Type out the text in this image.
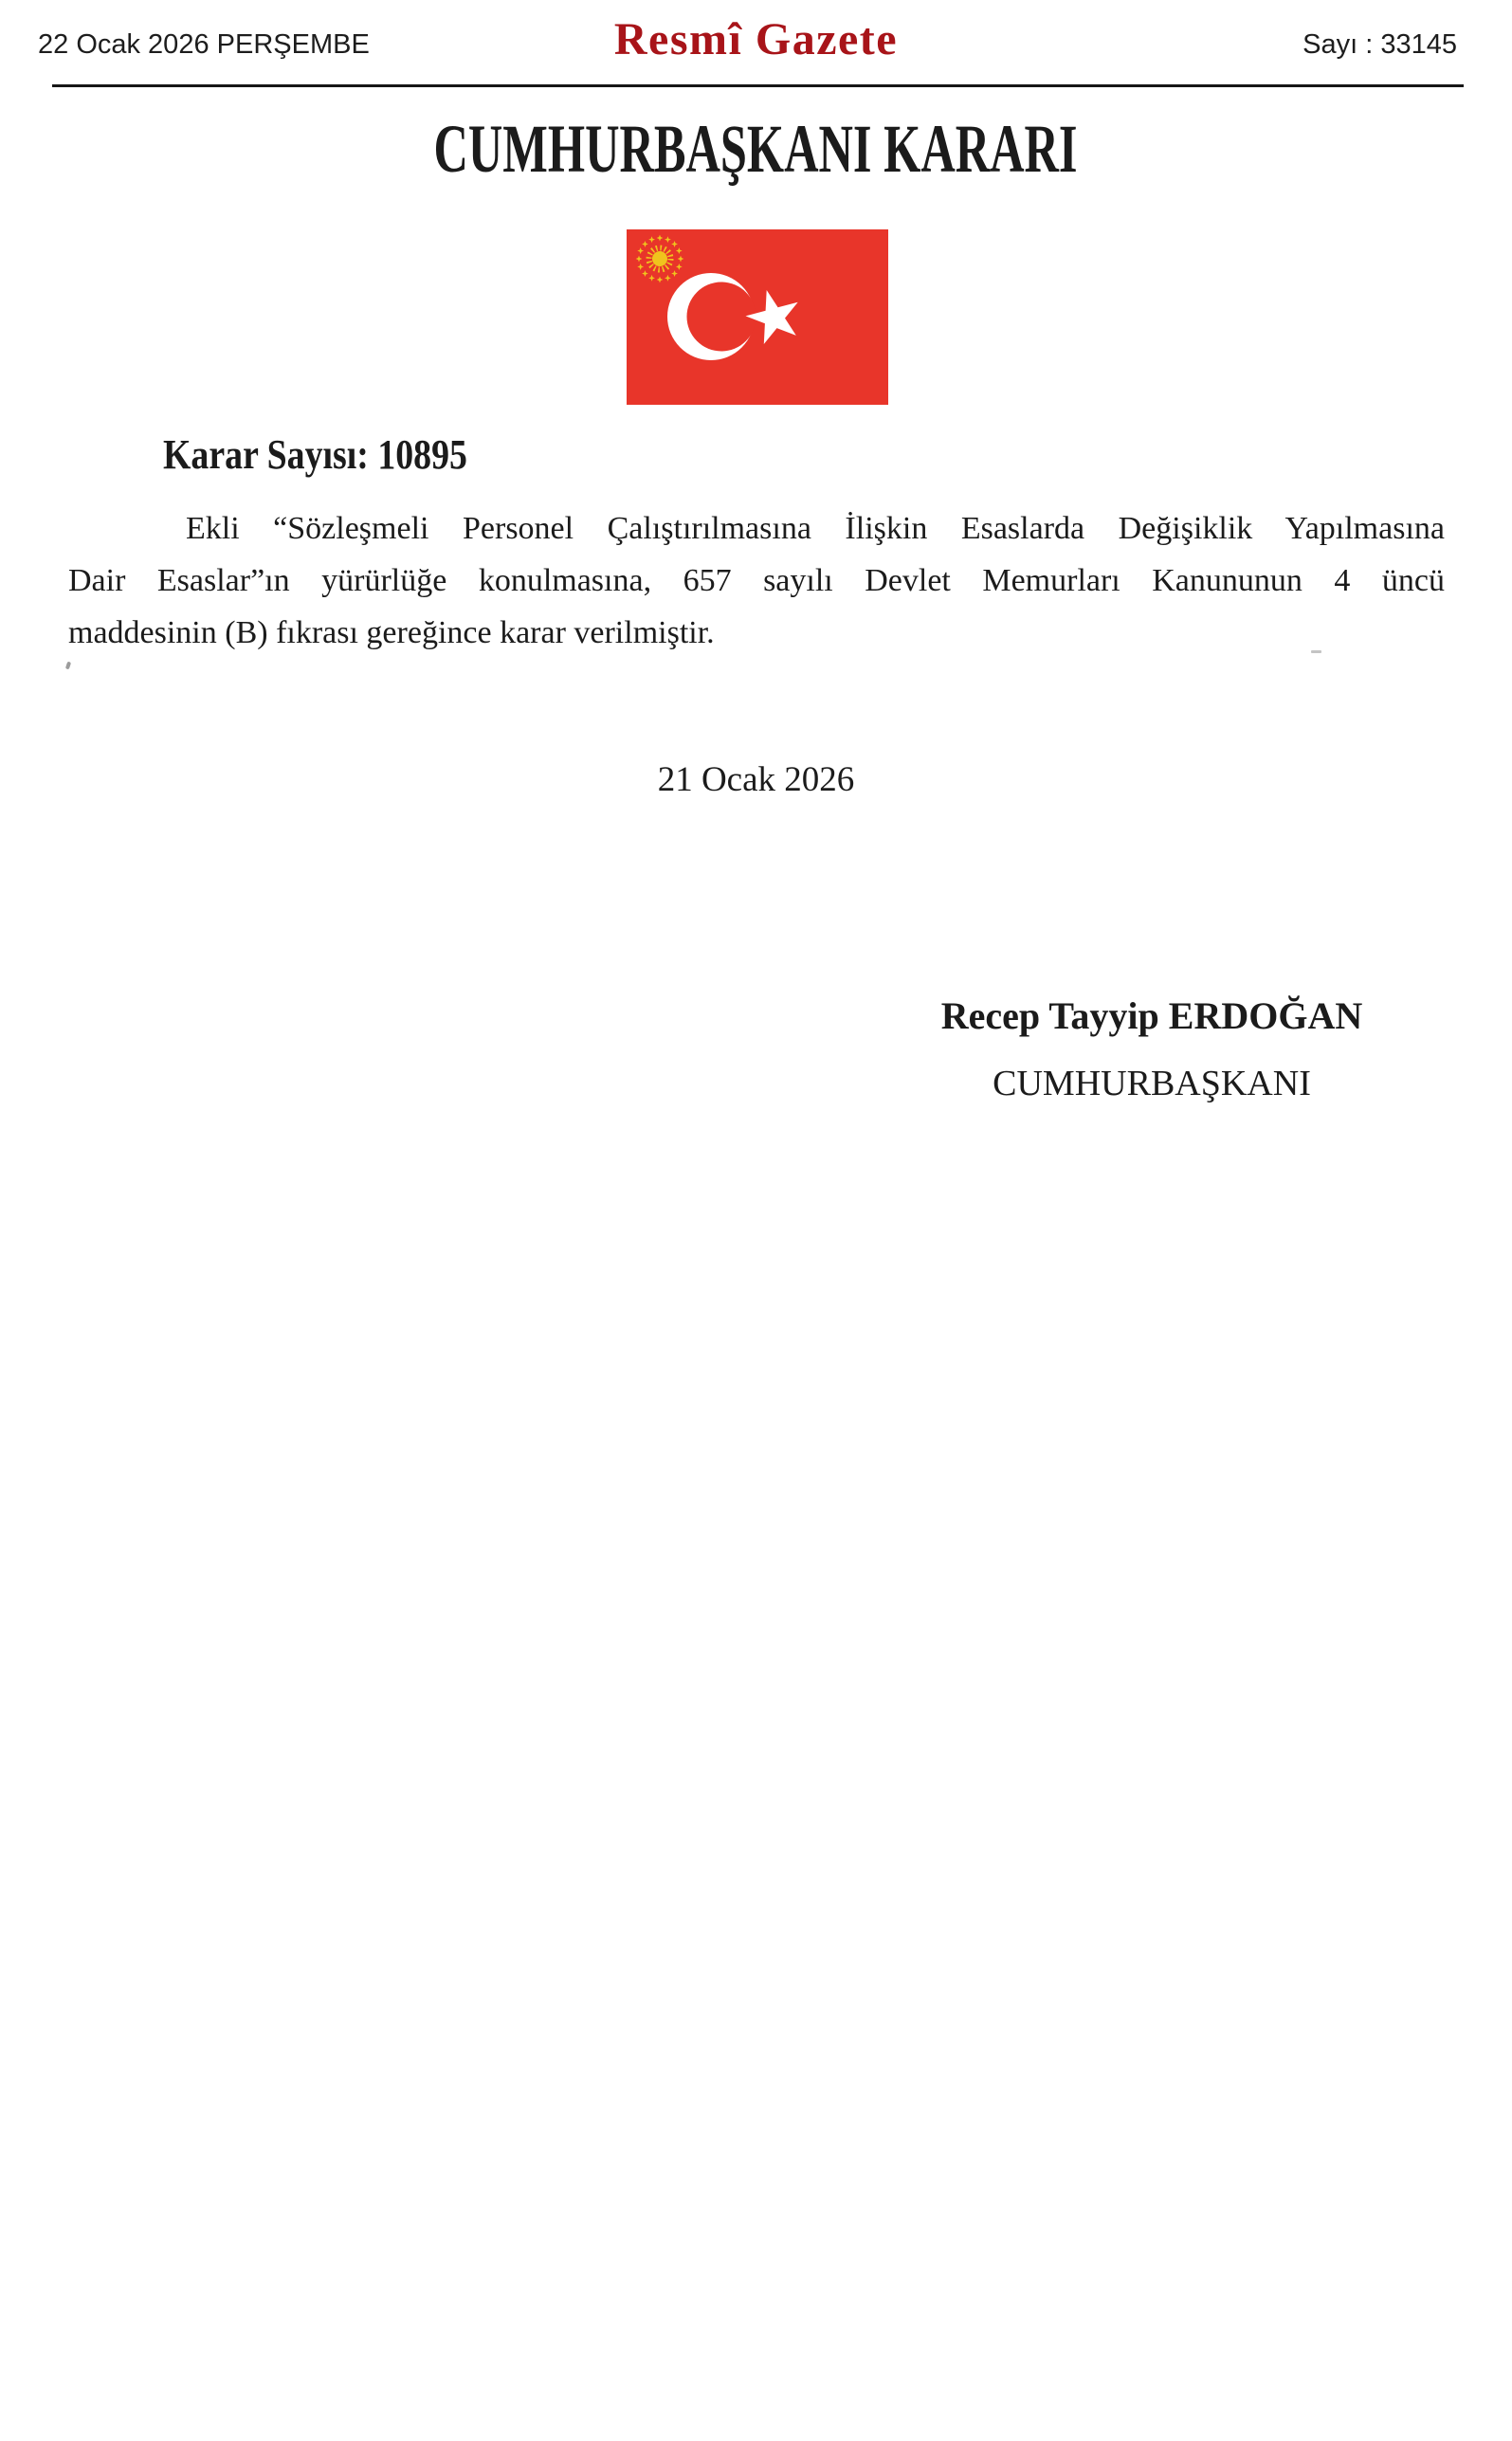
22 Ocak 2026 PERŞEMBE	Resmî Gazete	Sayı : 33145
CUMHURBAŞKANI KARARI
Karar Sayısı: 10895
Ekli “Sözleşmeli Personel Çalıştırılmasına İlişkin Esaslarda Değişiklik Yapılmasına
Dair Esaslar”ın yürürlüğe konulmasına, 657 sayılı Devlet Memurları Kanununun 4 üncü
maddesinin (B) fıkrası gereğince karar verilmiştir.
21 Ocak 2026
Recep Tayyip ERDOĞAN
CUMHURBAŞKANI
